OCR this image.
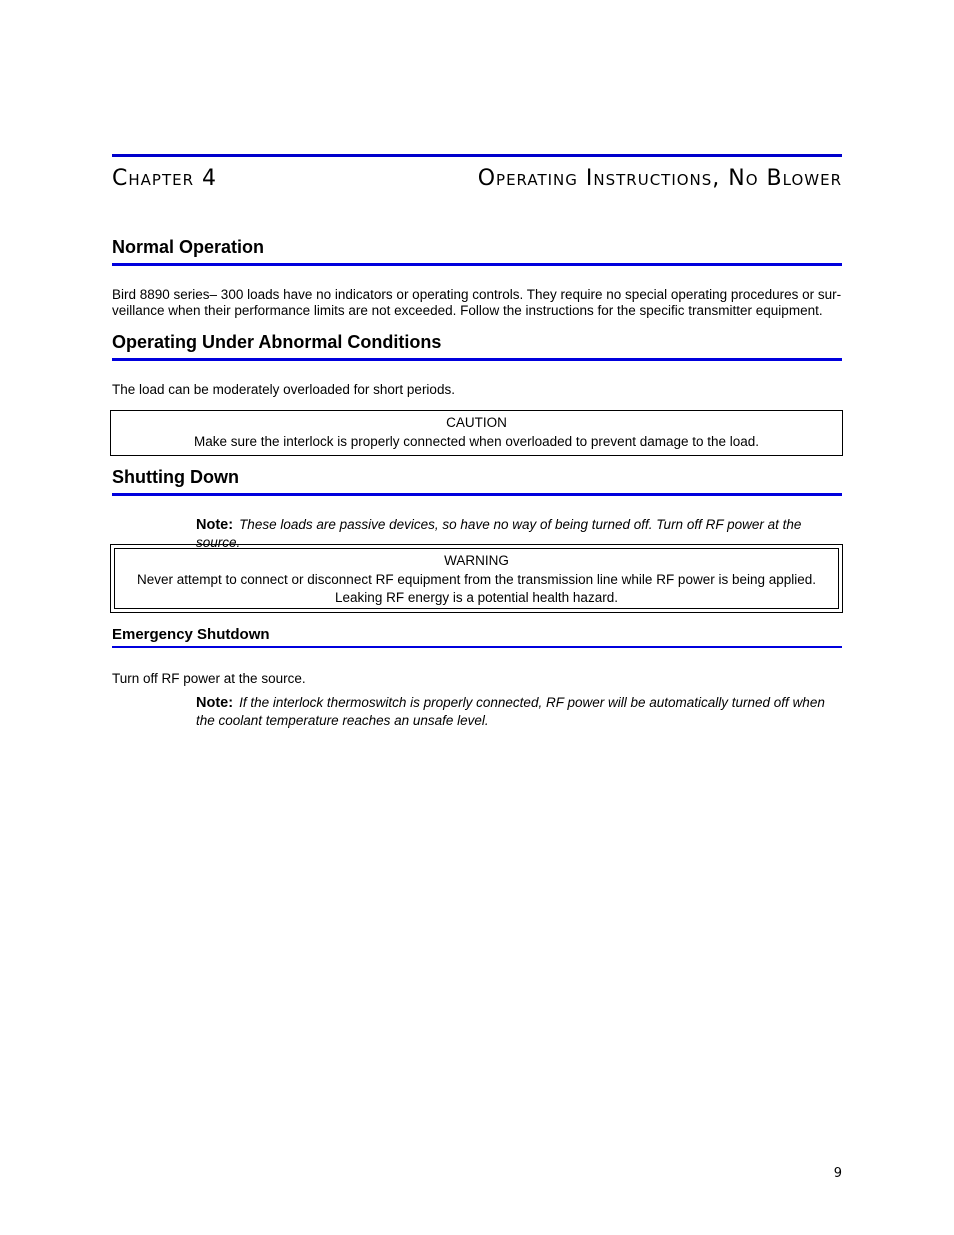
Chapter 4	Operating Instructions, No Blower
Normal Operation
Bird 8890 series– 300 loads have no indicators or operating controls. They require no special operating procedures or sur-
veillance when their performance limits are not exceeded. Follow the instructions for the specific transmitter equipment.
Operating Under Abnormal Conditions
The load can be moderately overloaded for short periods.
CAUTION
Make sure the interlock is properly connected when overloaded to prevent damage to the load.
Shutting Down
Note: These loads are passive devices, so have no way of being turned off. Turn off RF power at the source.
WARNING
Never attempt to connect or disconnect RF equipment from the transmission line while RF power is being applied.
Leaking RF energy is a potential health hazard.
Emergency Shutdown
Turn off RF power at the source.
Note: If the interlock thermoswitch is properly connected, RF power will be automatically turned off when
the coolant temperature reaches an unsafe level.
9
